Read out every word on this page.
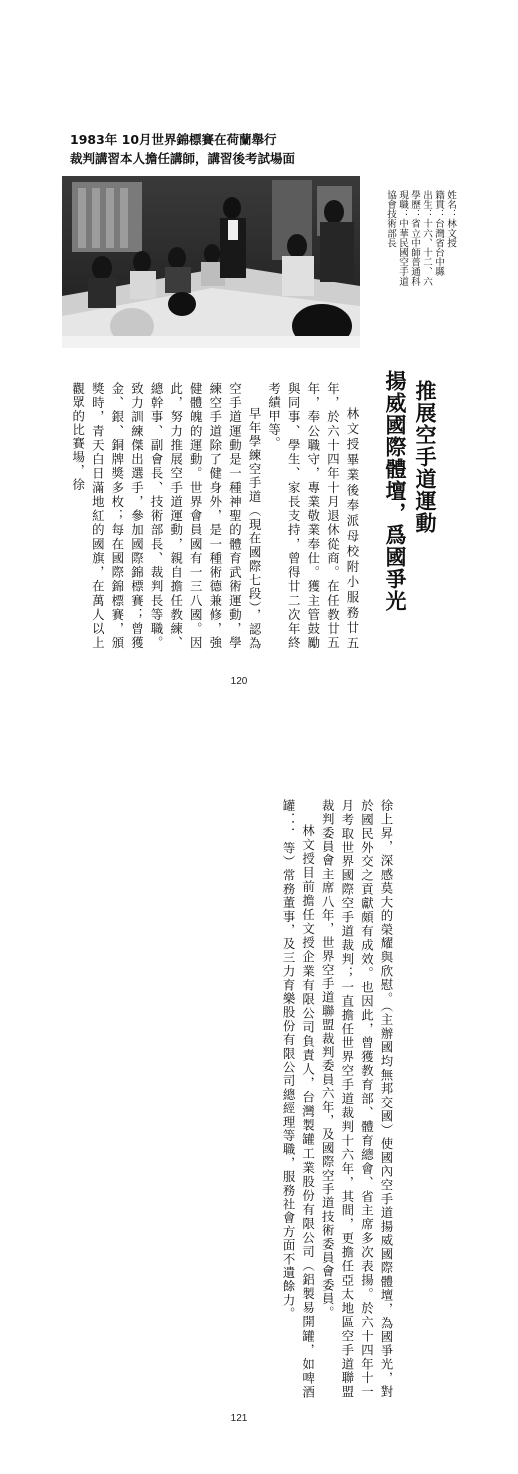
1983年 10月世界錦標賽在荷蘭舉行
裁判講習本人擔任講師，講習後考試場面
姓名：林文授
籍貫：台灣省台中縣
出生：十六、十二、六
學歷：省立中師普通科
現職：中華民國空手道
協會技術部長
推展空手道運動
揚威國際體壇，爲國爭光

林文授畢業後奉派母校附小服務廿五年，於六十四年十月退休從商。在任教廿五年，奉公職守，專業敬業奉仕。獲主管鼓勵與同事、學生、家長支持，曾得廿二次年終考績甲等。

早年學練空手道（現在國際七段），認為空手道運動是一種神聖的體育武術運動，學練空手道除了健身外，是一種術德兼修，強健體魄的運動。世界會員國有一三八國。因此，努力推展空手道運動，親自擔任教練、總幹事、副會長、技術部長、裁判長等職。致力訓練傑出選手，參加國際錦標賽；曾獲金、銀、銅牌獎多枚；每在國際錦標賽，頒獎時，青天白日滿地紅的國旗，在萬人以上觀眾的比賽場，徐

120

徐上昇，深感莫大的榮耀與欣慰。（主辦國均無邦交國）使國內空手道揚威國際體壇，為國爭光，對於國民外交之貢獻頗有成效。也因此，曾獲教育部、體育總會、省主席多次表揚。於六十四年十一月考取世界國際空手道裁判；一直擔任世界空手道裁判十六年，其間，更擔任亞太地區空手道聯盟裁判委員會主席八年，世界空手道聯盟裁判委員六年，及國際空手道技術委員會委員。

林文授目前擔任文授企業有限公司負責人，台灣製罐工業股份有限公司（鋁製易開罐，如啤酒罐．．．等）常務董事，及三力育樂股份有限公司總經理等職，服務社會方面不遺餘力。

121
